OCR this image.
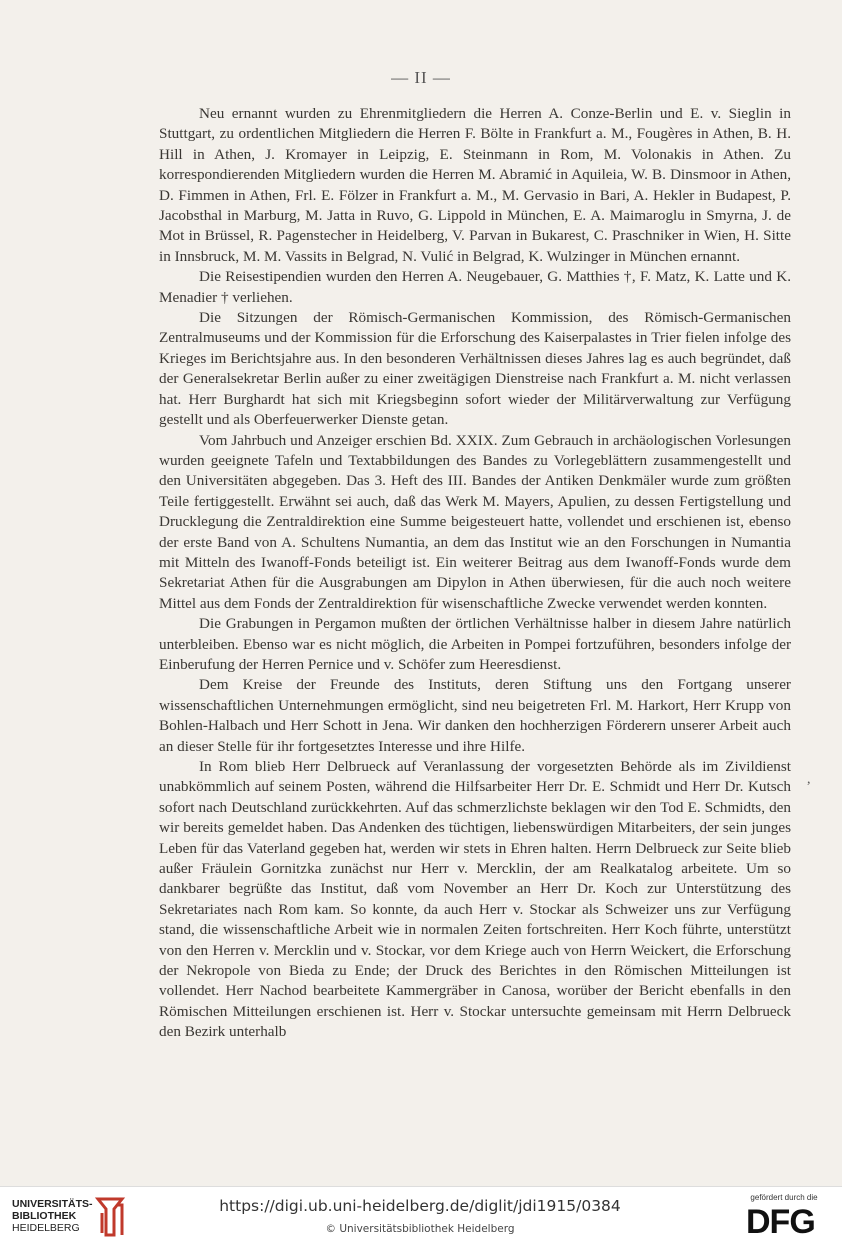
— II —

Neu ernannt wurden zu Ehrenmitgliedern die Herren A. Conze-Berlin und E. v. Sieglin in Stuttgart, zu ordentlichen Mitgliedern die Herren F. Bölte in Frankfurt a. M., Fougères in Athen, B. H. Hill in Athen, J. Kromayer in Leipzig, E. Steinmann in Rom, M. Volonakis in Athen. Zu korrespondierenden Mitgliedern wurden die Herren M. Abramić in Aquileia, W. B. Dinsmoor in Athen, D. Fimmen in Athen, Frl. E. Fölzer in Frankfurt a. M., M. Gervasio in Bari, A. Hekler in Budapest, P. Jacobsthal in Marburg, M. Jatta in Ruvo, G. Lippold in München, E. A. Maimaroglu in Smyrna, J. de Mot in Brüssel, R. Pagenstecher in Heidelberg, V. Parvan in Bukarest, C. Praschniker in Wien, H. Sitte in Innsbruck, M. M. Vassits in Belgrad, N. Vulić in Belgrad, K. Wulzinger in München ernannt.

Die Reisestipendien wurden den Herren A. Neugebauer, G. Matthies †, F. Matz, K. Latte und K. Menadier † verliehen.

Die Sitzungen der Römisch-Germanischen Kommission, des Römisch-Germanischen Zentralmuseums und der Kommission für die Erforschung des Kaiserpalastes in Trier fielen infolge des Krieges im Berichtsjahre aus. In den besonderen Verhältnissen dieses Jahres lag es auch begründet, daß der Generalsekretar Berlin außer zu einer zweitägigen Dienstreise nach Frankfurt a. M. nicht verlassen hat. Herr Burghardt hat sich mit Kriegsbeginn sofort wieder der Militärverwaltung zur Verfügung gestellt und als Oberfeuerwerker Dienste getan.

Vom Jahrbuch und Anzeiger erschien Bd. XXIX. Zum Gebrauch in archäologischen Vorlesungen wurden geeignete Tafeln und Textabbildungen des Bandes zu Vorlegeblättern zusammengestellt und den Universitäten abgegeben. Das 3. Heft des III. Bandes der Antiken Denkmäler wurde zum größten Teile fertiggestellt. Erwähnt sei auch, daß das Werk M. Mayers, Apulien, zu dessen Fertigstellung und Drucklegung die Zentraldirektion eine Summe beigesteuert hatte, vollendet und erschienen ist, ebenso der erste Band von A. Schultens Numantia, an dem das Institut wie an den Forschungen in Numantia mit Mitteln des Iwanoff-Fonds beteiligt ist. Ein weiterer Beitrag aus dem Iwanoff-Fonds wurde dem Sekretariat Athen für die Ausgrabungen am Dipylon in Athen überwiesen, für die auch noch weitere Mittel aus dem Fonds der Zentraldirektion für wisenschaftliche Zwecke verwendet werden konnten.

Die Grabungen in Pergamon mußten der örtlichen Verhältnisse halber in diesem Jahre natürlich unterbleiben. Ebenso war es nicht möglich, die Arbeiten in Pompei fortzuführen, besonders infolge der Einberufung der Herren Pernice und v. Schöfer zum Heeresdienst.

Dem Kreise der Freunde des Instituts, deren Stiftung uns den Fortgang unserer wissenschaftlichen Unternehmungen ermöglicht, sind neu beigetreten Frl. M. Harkort, Herr Krupp von Bohlen-Halbach und Herr Schott in Jena. Wir danken den hochherzigen Förderern unserer Arbeit auch an dieser Stelle für ihr fortgesetztes Interesse und ihre Hilfe.

In Rom blieb Herr Delbrueck auf Veranlassung der vorgesetzten Behörde als im Zivildienst unabkömmlich auf seinem Posten, während die Hilfsarbeiter Herr Dr. E. Schmidt und Herr Dr. Kutsch sofort nach Deutschland zurückkehrten. Auf das schmerzlichste beklagen wir den Tod E. Schmidts, den wir bereits gemeldet haben. Das Andenken des tüchtigen, liebenswürdigen Mitarbeiters, der sein junges Leben für das Vaterland gegeben hat, werden wir stets in Ehren halten. Herrn Delbrueck zur Seite blieb außer Fräulein Gornitzka zunächst nur Herr v. Mercklin, der am Realkatalog arbeitete. Um so dankbarer begrüßte das Institut, daß vom November an Herr Dr. Koch zur Unterstützung des Sekretariates nach Rom kam. So konnte, da auch Herr v. Stockar als Schweizer uns zur Verfügung stand, die wissenschaftliche Arbeit wie in normalen Zeiten fortschreiten. Herr Koch führte, unterstützt von den Herren v. Mercklin und v. Stockar, vor dem Kriege auch von Herrn Weickert, die Erforschung der Nekropole von Bieda zu Ende; der Druck des Berichtes in den Römischen Mitteilungen ist vollendet. Herr Nachod bearbeitete Kammergräber in Canosa, worüber der Bericht ebenfalls in den Römischen Mitteilungen erschienen ist. Herr v. Stockar untersuchte gemeinsam mit Herrn Delbrueck den Bezirk unterhalb

,
UNIVERSITÄTS-
BIBLIOTHEK
HEIDELBERG
https://digi.ub.uni-heidelberg.de/diglit/jdi1915/0384
© Universitätsbibliothek Heidelberg
gefördert durch die
DFG
